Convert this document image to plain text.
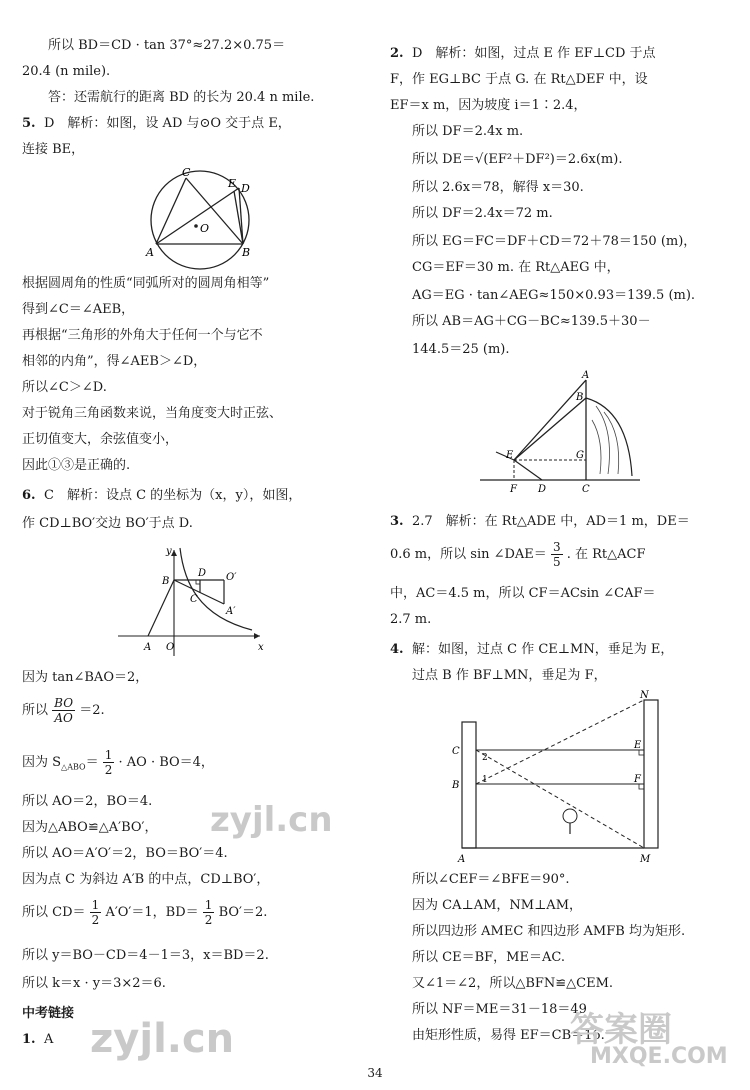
所以 BD＝CD · tan 37°≈27.2×0.75＝
20.4 (n mile).
答：还需航行的距离 BD 的长为 20.4 n mile.
5. D　解析：如图，设 AD 与⊙O 交于点 E，
连接 BE，
C
E D
O
A	B
根据圆周角的性质“同弧所对的圆周角相等”
得到∠C＝∠AEB，
再根据“三角形的外角大于任何一个与它不
相邻的内角”，得∠AEB＞∠D，
所以∠C＞∠D.
对于锐角三角函数来说，当角度变大时正弦、
正切值变大，余弦值变小，
因此①③是正确的.
6. C　解析：设点 C 的坐标为（x，y），如图，
作 CD⊥BO′交边 BO′于点 D.
y
x
B
D O′
C
A′
A O
因为 tan∠BAO＝2，
所以 $\frac{BO}{AO} =2$.
因为 $S_{\triangle ABO}= \frac{1}{2}$ · AO · BO＝4，
所以 AO＝2，BO＝4.
因为△ABO≌△A′BO′，
所以 AO＝A′O′＝2，BO＝BO′＝4.
因为点 C 为斜边 A′B 的中点，CD⊥BO′，
所以 $CD= \frac{1}{2} A'O'=1$，$BD= \frac{1}{2} BO'=2$.
所以 y＝BO－CD＝4－1＝3，x＝BD＝2.
所以 k＝x · y＝3×2＝6.
中考链接
1. A
2. D　解析：如图，过点 E 作 EF⊥CD 于点
F，作 EG⊥BC 于点 G. 在 Rt△DEF 中，设
EF＝x m，因为坡度 i＝1∶2.4，
所以 DF＝2.4x m.
所以 DE＝√(EF²＋DF²)＝2.6x(m).
所以 2.6x＝78，解得 x＝30.
所以 DF＝2.4x＝72 m.
所以 EG＝FC＝DF＋CD＝72＋78＝150 (m)，
CG＝EF＝30 m. 在 Rt△AEG 中，
AG＝EG · tan∠AEG≈150×0.93＝139.5 (m).
所以 AB＝AG＋CG－BC≈139.5＋30－
144.5＝25 (m).
A
B
E	G
F D	C
3. 2.7　解析：在 Rt△ADE 中，AD＝1 m，DE＝
0.6 m，所以 sin ∠DAE＝ $\frac{3}{5}$ . 在 Rt△ACF
中，AC＝4.5 m，所以 CF＝ACsin ∠CAF＝
2.7 m.
4. 解：如图，过点 C 作 CE⊥MN，垂足为 E，
过点 B 作 BF⊥MN，垂足为 F，
N
C
E
2
1	F
B
A	M
所以∠CEF＝∠BFE＝90°.
因为 CA⊥AM，NM⊥AM，
所以四边形 AMEC 和四边形 AMFB 均为矩形.
所以 CE＝BF，ME＝AC.
又∠1＝∠2，所以△BFN≌△CEM.
所以 NF＝ME＝31－18＝49
由矩形性质，易得 EF＝CB＝16.
zyjl.cn
zyjl.cn	答案圈
MXQE.COM
34
